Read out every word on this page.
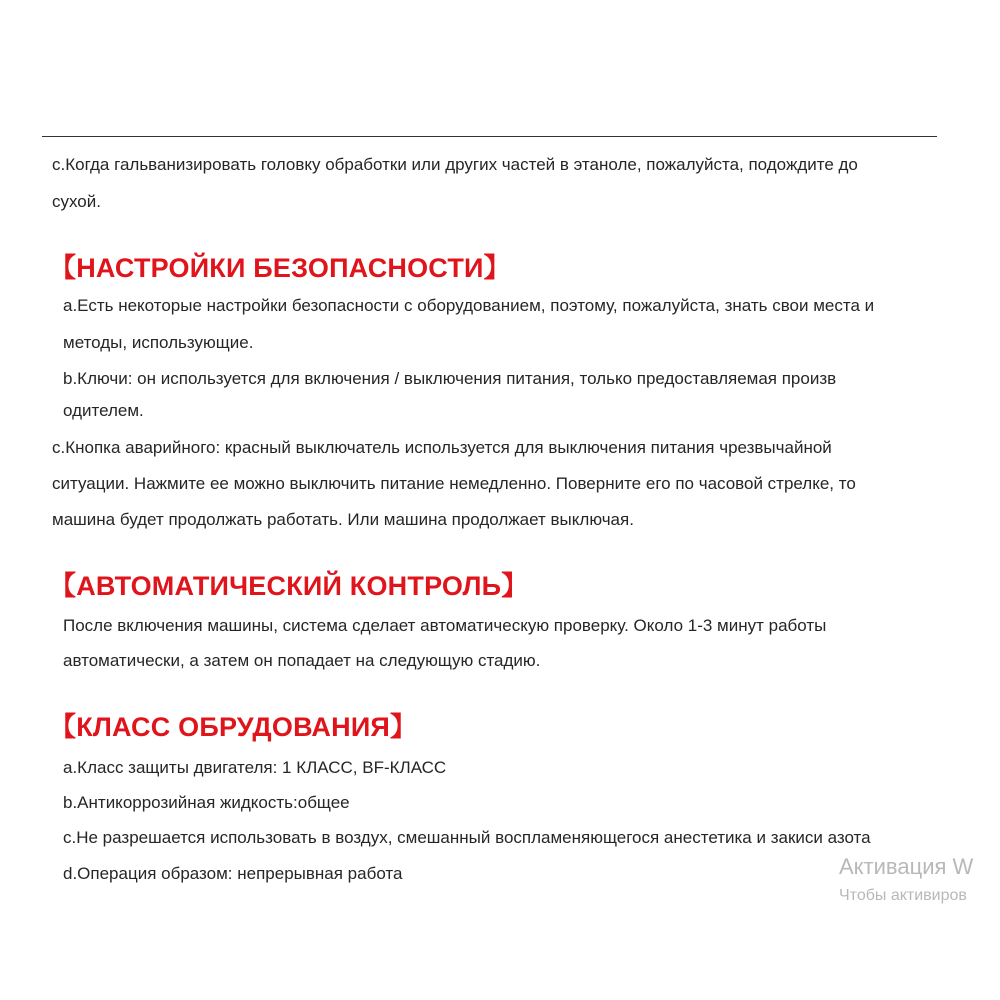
c.Когда гальванизировать головку обработки или других частей в этаноле, пожалуйста, подождите до
сухой.
【НАСТРОЙКИ БЕЗОПАСНОСТИ】
a.Есть некоторые настройки безопасности с оборудованием, поэтому, пожалуйста, знать свои места и
методы, использующие.
b.Ключи: он используется для включения / выключения питания, только предоставляемая произв
одителем.
c.Кнопка аварийного: красный выключатель используется для выключения питания чрезвычайной
ситуации. Нажмите ее можно выключить питание немедленно. Поверните его по часовой стрелке, то
машина будет продолжать работать. Или машина продолжает выключая.
【АВТОМАТИЧЕСКИЙ КОНТРОЛЬ】
После включения машины, система сделает автоматическую проверку. Около 1-3 минут работы
автоматически, а затем он попадает на следующую стадию.
【КЛАСС ОБРУДОВАНИЯ】
a.Класс защиты двигателя: 1 КЛАСС, BF-КЛАСС
b.Антикоррозийная жидкость:общее
c.Не разрешается использовать в воздух, смешанный воспламеняющегося анестетика и закиси азота
d.Операция образом: непрерывная работа	Активация W
Чтобы активиров
